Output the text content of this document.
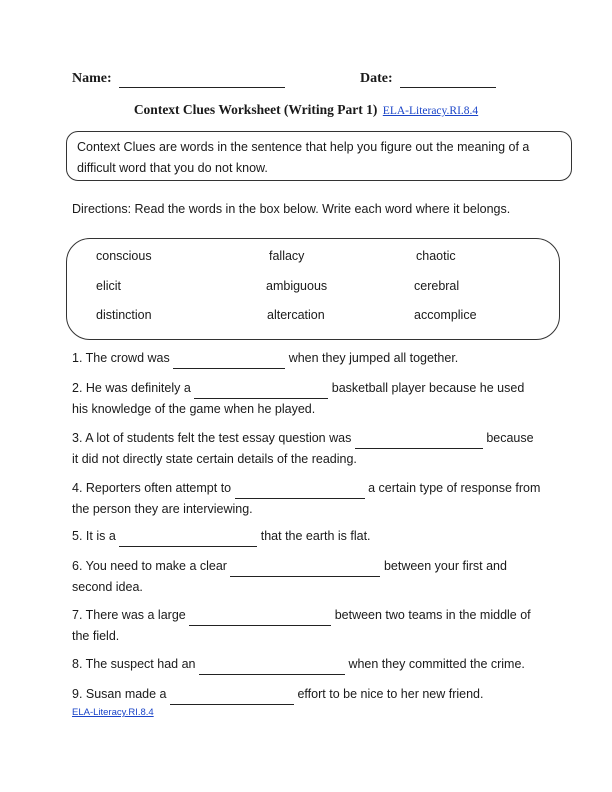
Name:	Date:
Context Clues Worksheet (Writing Part 1) ELA-Literacy.RI.8.4
Context Clues are words in the sentence that help you figure out the meaning of a difficult word that you do not know.
Directions: Read the words in the box below. Write each word where it belongs.
conscious	fallacy	chaotic
elicit	ambiguous	cerebral
distinction	altercation	accomplice
1. The crowd was	when they jumped all together.
2. He was definitely a	basketball player because he used his knowledge of the game when he played.
3. A lot of students felt the test essay question was	because it did not directly state certain details of the reading.
4. Reporters often attempt to	a certain type of response from the person they are interviewing.
5. It is a	that the earth is flat.
6. You need to make a clear	between your first and second idea.
7. There was a large	between two teams in the middle of the field.
8. The suspect had an	when they committed the crime.
9. Susan made a	effort to be nice to her new friend.
ELA-Literacy.RI.8.4
